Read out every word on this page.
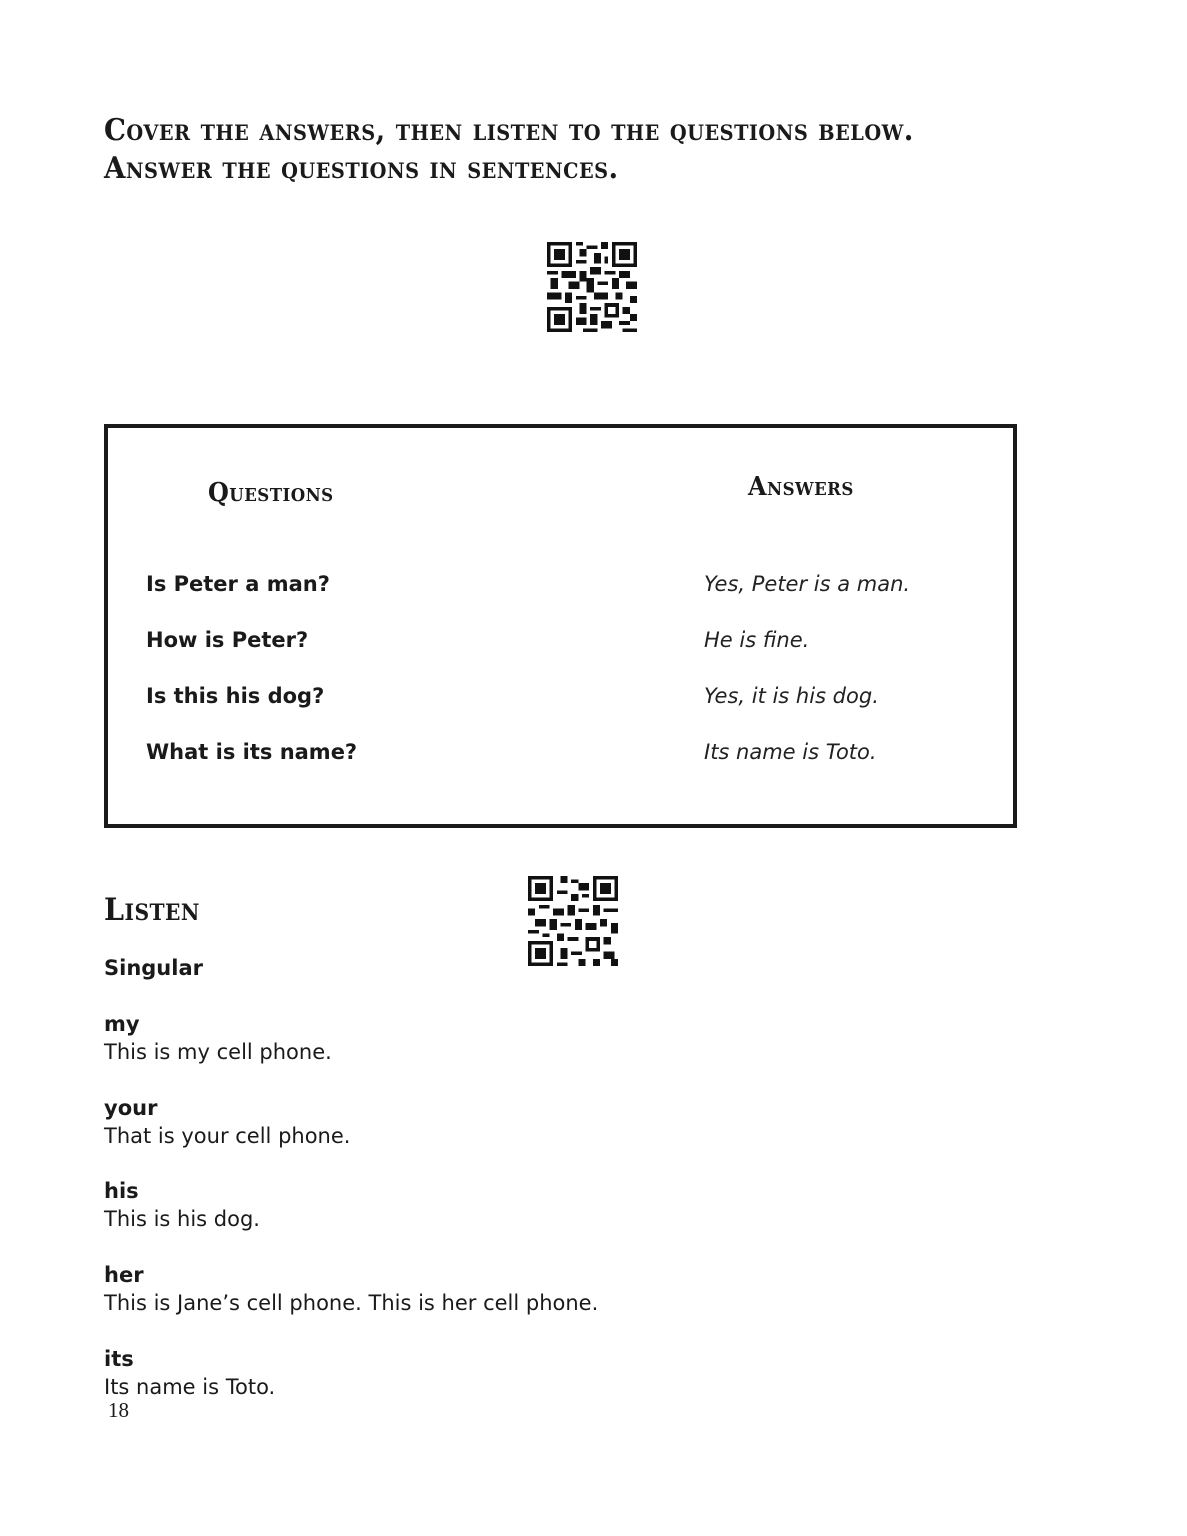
Cover the answers, then listen to the questions below.
Answer the questions in sentences.
Questions	Answers
Is Peter a man?	Yes, Peter is a man.
How is Peter?	He is fine.
Is this his dog?	Yes, it is his dog.
What is its name?	Its name is Toto.
Listen
Singular
my
This is my cell phone.
your
That is your cell phone.
his
This is his dog.
her
This is Jane’s cell phone. This is her cell phone.
its
Its name is Toto.
18
